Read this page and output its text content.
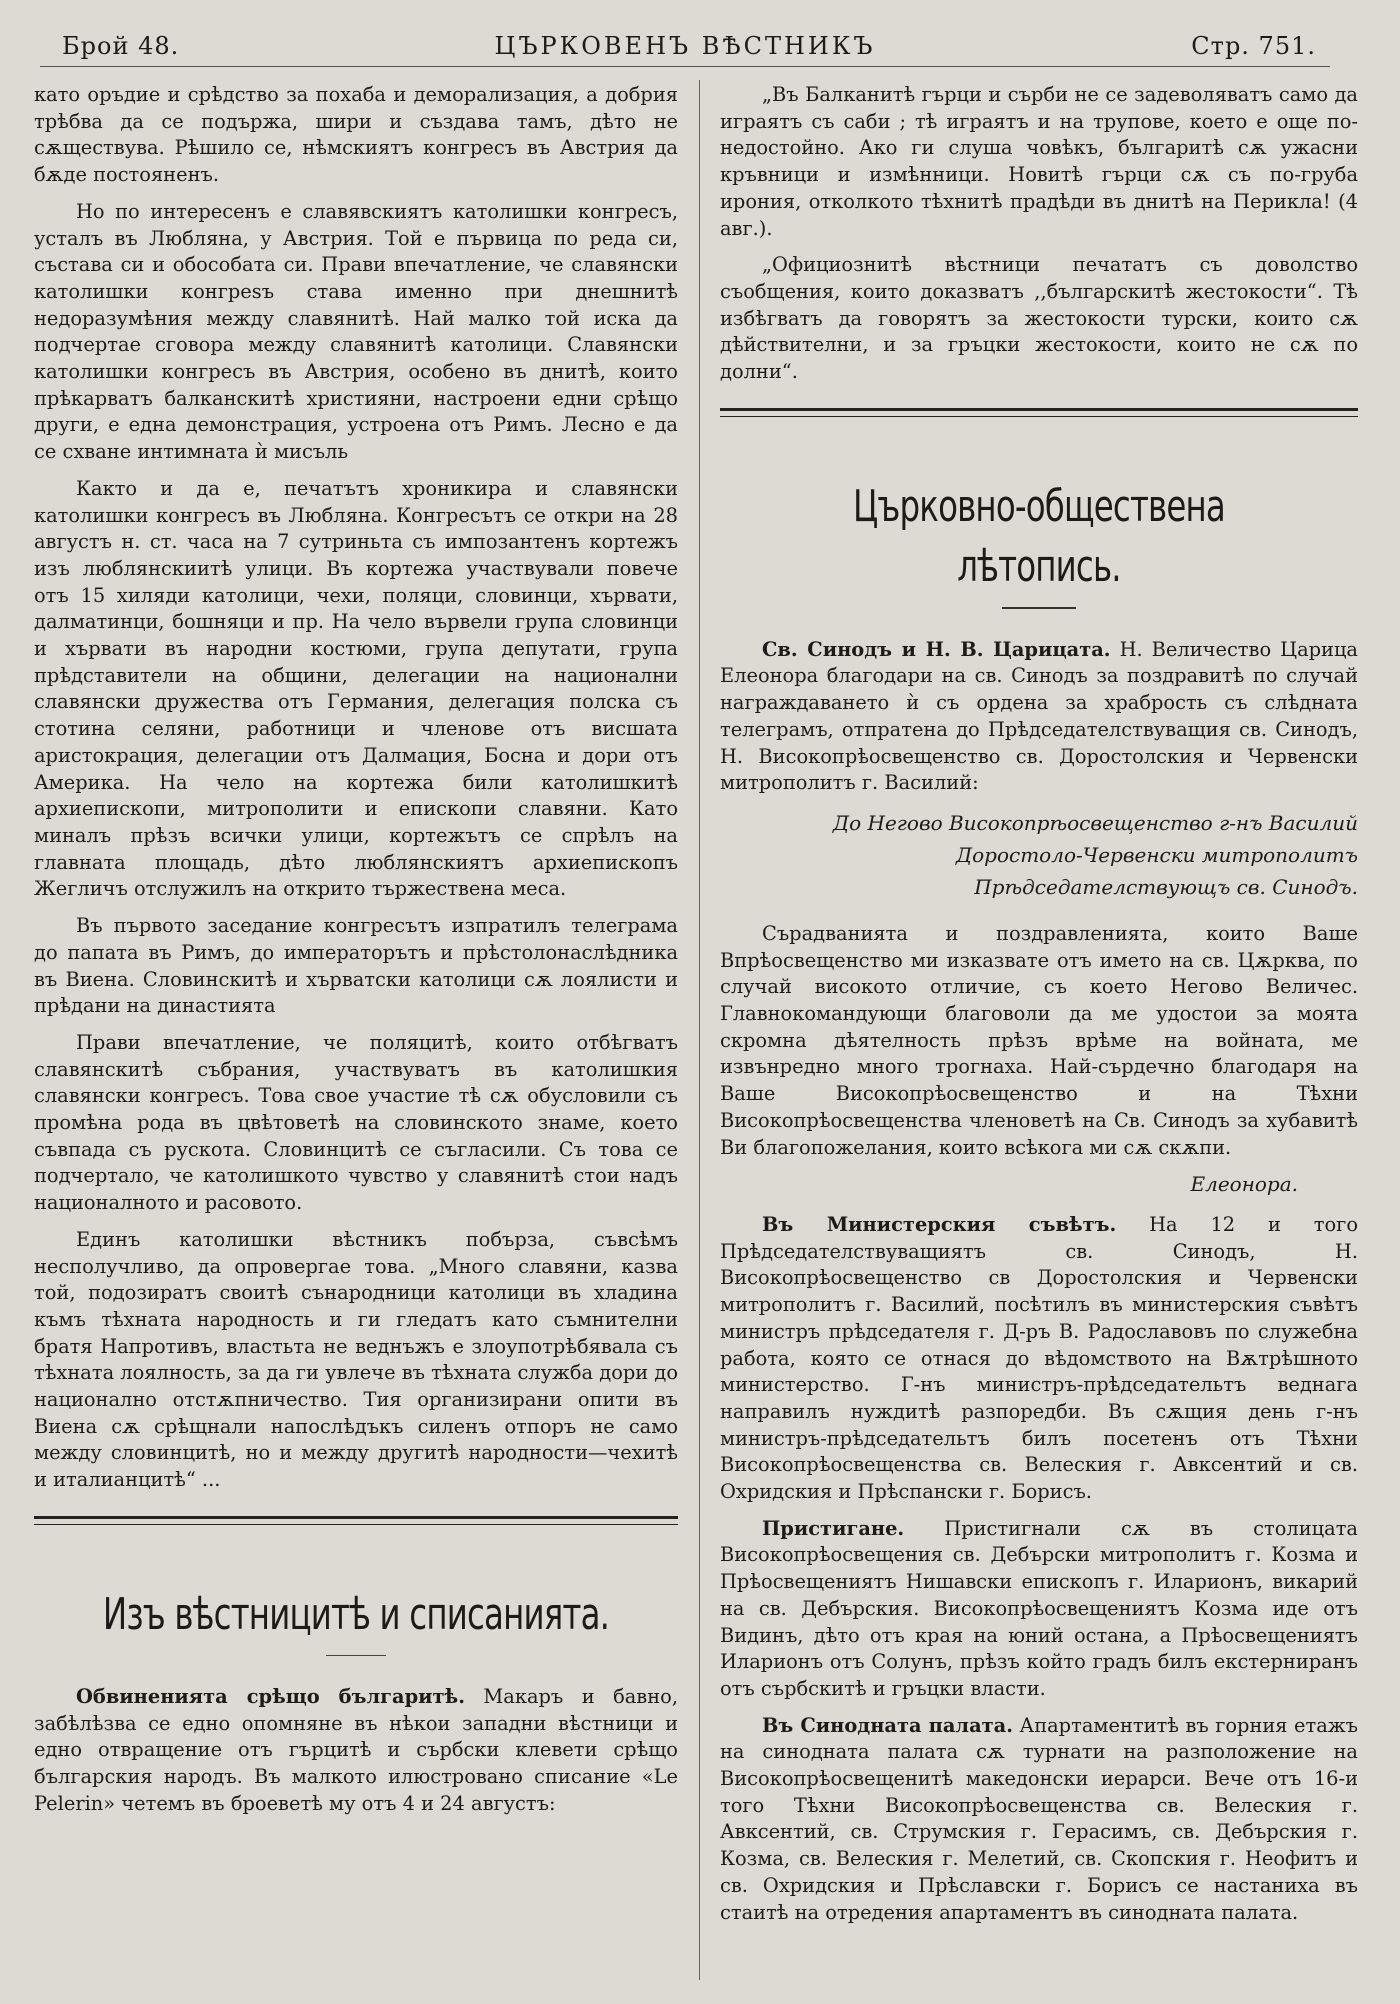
ЦЪРКОВЕНЪ ВѢСТНИКЪ
Брой 48.	Стр. 751.

като оръдие и срѣдство за похаба и деморализация, а добрия трѣбва да се подържа, шири и създава тамъ, дѣто не сѫществува. Рѣшило се, нѣмскиятъ конгресъ въ Австрия да бѫде постояненъ.

Но по интересенъ е славявскиятъ католишки конгресъ, усталъ въ Любляна, у Австрия. Той е първица по реда си, състава си и обособата си. Прави впечатление, че славянски католишки конгреѕъ става именно при днешнитѣ недоразумѣния между славянитѣ. Най малко той иска да подчертае сговора между славянитѣ католици. Славянски католишки конгресъ въ Австрия, особено въ днитѣ, които прѣкарватъ балканскитѣ християни, настроени едни срѣщо други, е една демонстрация, устроена отъ Римъ. Лесно е да се схване интимната ѝ мисъль

Както и да е, печатътъ хроникира и славянски католишки конгресъ въ Любляна. Конгресътъ се откри на 28 августъ н. ст. часа на 7 сутриньта съ импозантенъ кортежъ изъ люблянскиитѣ улици. Въ кортежа участвували повече отъ 15 хиляди католици, чехи, поляци, словинци, хървати, далматинци, бошняци и пр. На чело вървели група словинци и хървати въ народни костюми, група депутати, група прѣдставители на общини, делегации на национални славянски дружества отъ Германия, делегация полска съ стотина селяни, работници и членове отъ висшата аристокрация, делегации отъ Далмация, Босна и дори отъ Америка. На чело на кортежа били католишкитѣ архиепископи, митрополити и епископи славяни. Като миналъ прѣзъ всички улици, кортежътъ се спрѣлъ на главната площадь, дѣто люблянскиятъ архиепископъ Жегличъ отслужилъ на открито тържествена меса.

Въ първото заседание конгресътъ изпратилъ телеграма до папата въ Римъ, до императорътъ и прѣстолонаслѣдника въ Виена. Словинскитѣ и хърватски католици сѫ лоялисти и прѣдани на династията

Прави впечатление, че поляцитѣ, които отбѣгватъ славянскитѣ събрания, участвуватъ въ католишкия славянски конгресъ. Това свое участие тѣ сѫ обусловили съ промѣна рода въ цвѣтоветѣ на словинското знаме, което съвпада съ рускота. Словинцитѣ се съгласили. Съ това се подчертало, че католишкото чувство у славянитѣ стои надъ националното и расовото.

Единъ католишки вѣстникъ побърза, съвсѣмъ несполучливо, да опровергае това. „Много славяни, казва той, подозиратъ своитѣ сънародници католици въ хладина къмъ тѣхната народность и ги гледатъ като съмнителни братя Напротивъ, властьта не веднъжъ е злоупотрѣбявала съ тѣхната лоялность, за да ги увлече въ тѣхната служба дори до национално отстѫпничество. Тия организирани опити въ Виена сѫ срѣщнали напослѣдъкъ силенъ отпоръ не само между словинцитѣ, но и между другитѣ народности—чехитѣ и италианцитѣ“ ...

Изъ вѣстницитѣ и списанията.

Обвиненията срѣщо българитѣ. Макаръ и бавно, забѣлѣзва се едно опомняне въ нѣкои западни вѣстници и едно отвращение отъ гърцитѣ и сърбски клевети срѣщо българския народъ. Въ малкото илюстровано списание «Le Pelerin» четемъ въ броеветѣ му отъ 4 и 24 августъ:

„Въ Балканитѣ гърци и сърби не се задеволяватъ само да играятъ съ саби ; тѣ играятъ и на трупове, което е още по-недостойно. Ако ги слуша човѣкъ, българитѣ сѫ ужасни кръвници и измѣнници. Новитѣ гърци сѫ съ по-груба ирония, отколкото тѣхнитѣ прадѣди въ днитѣ на Перикла! (4 авг.).

„Официознитѣ вѣстници печататъ съ доволство съобщения, които доказватъ ,,българскитѣ жестокости“. Тѣ избѣгватъ да говорятъ за жестокости турски, които сѫ дѣйствителни, и за гръцки жестокости, които не сѫ по долни“.

Църковно-обществена лѣтопись.

Св. Синодъ и Н. В. Царицата. Н. Величество Царица Елеонора благодари на св. Синодъ за поздравитѣ по случай награждаването ѝ съ ордена за храбрость съ слѣдната телеграмъ, отпратена до Прѣдседателствуващия св. Синодъ, Н. Високопрѣосвещенство св. Доростолския и Червенски митрополитъ г. Василий:

До Негово Високопрѣосвещенство г-нъ Василий Доростоло-Червенски митрополитъ Прѣдседателствующъ св. Синодъ.

Сърадванията и поздравленията, които Ваше Впрѣосвещенство ми изказвате отъ името на св. Цѫрква, по случай високото отличие, съ което Негово Величес. Главнокомандующи благоволи да ме удостои за моята скромна дѣятелность прѣзъ врѣме на войната, ме извънредно много трогнаха. Най-сърдечно благодаря на Ваше Високопрѣосвещенство и на Тѣхни Високопрѣосвещенства членоветѣ на Св. Синодъ за хубавитѣ Ви благопожелания, които всѣкога ми сѫ скѫпи.

Елеонора.

Въ Министерския съвѣтъ. На 12 и того Прѣдседателствуващиятъ св. Синодъ, Н. Високопрѣосвещенство св Доростолския и Червенски митрополитъ г. Василий, посѣтилъ въ министерския съвѣтъ министръ прѣдседателя г. Д-ръ В. Радославовъ по служебна работа, която се отнася до вѣдомството на Вѫтрѣшното министерство. Г-нъ министръ-прѣдседательтъ веднага направилъ нуждитѣ разпоредби. Въ сѫщия день г-нъ министръ-прѣдседательтъ билъ посетенъ отъ Тѣхни Високопрѣосвещенства св. Велеския г. Авксентий и св. Охридския и Прѣспански г. Борисъ.

Пристигане. Пристигнали сѫ въ столицата Високопрѣосвещения св. Дебърски митрополитъ г. Козма и Прѣосвещениятъ Нишавски епископъ г. Иларионъ, викарий на св. Дебърския. Високопрѣосвещениятъ Козма иде отъ Видинъ, дѣто отъ края на юний остана, а Прѣосвещениятъ Иларионъ отъ Солунъ, прѣзъ който градъ билъ екстерниранъ отъ сърбскитѣ и гръцки власти.

Въ Синодната палата. Апартаментитѣ въ горния етажъ на синодната палата сѫ турнати на разположение на Високопрѣосвещенитѣ македонски иерарси. Вече отъ 16-и того Тѣхни Високопрѣосвещенства св. Велеския г. Авксентий, св. Струмския г. Герасимъ, св. Дебърския г. Козма, св. Велеския г. Мелетий, св. Скопския г. Неофитъ и св. Охридския и Прѣславски г. Борисъ се настаниха въ стаитѣ на отредения апартаментъ въ синодната палата.
